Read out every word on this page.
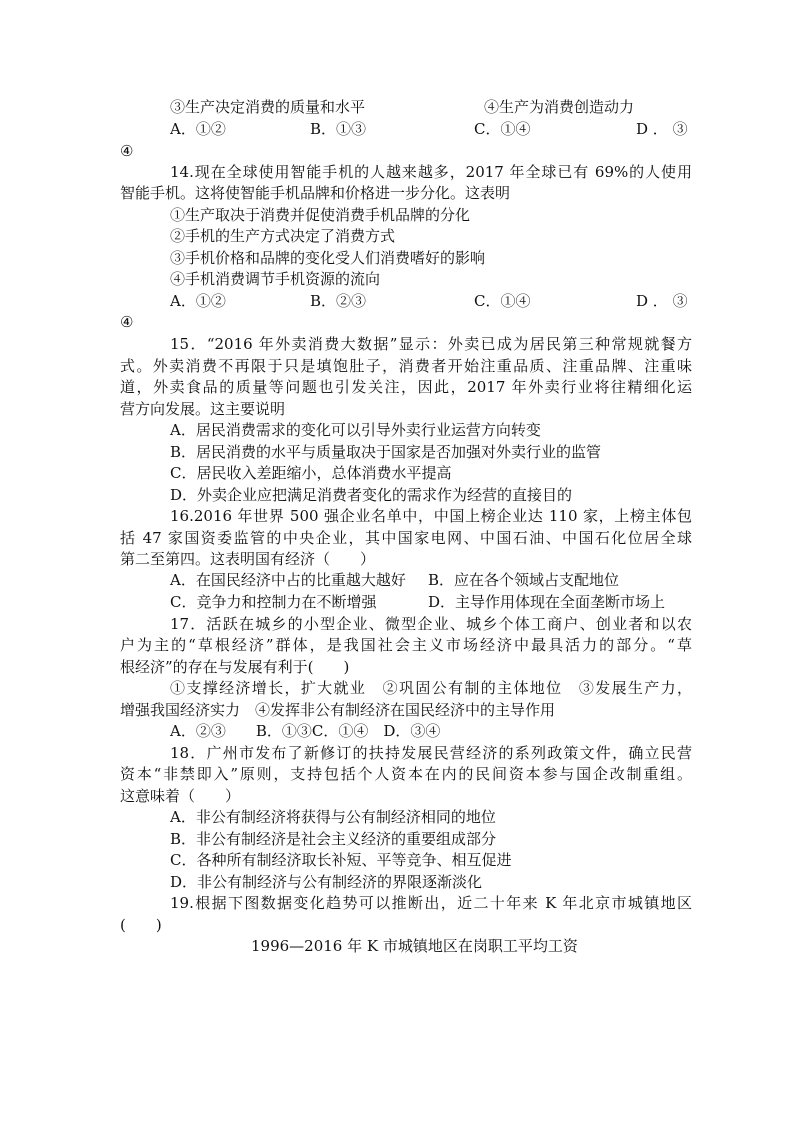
③生产决定消费的质量和水平	④生产为消费创造动力
A．①②	B．①③	C．①④	D ． ③
④
14.现在全球使用智能手机的人越来越多，2017 年全球已有 69%的人使用
智能手机。这将使智能手机品牌和价格进一步分化。这表明
①生产取决于消费并促使消费手机品牌的分化
②手机的生产方式决定了消费方式
③手机价格和品牌的变化受人们消费嗜好的影响
④手机消费调节手机资源的流向
A．①②	B．②③	C．①④	D ． ③
④
15．“2016 年外卖消费大数据”显示：外卖已成为居民第三种常规就餐方
式。外卖消费不再限于只是填饱肚子，消费者开始注重品质、注重品牌、注重味
道，外卖食品的质量等问题也引发关注，因此，2017 年外卖行业将往精细化运
营方向发展。这主要说明
A．居民消费需求的变化可以引导外卖行业运营方向转变
B．居民消费的水平与质量取决于国家是否加强对外卖行业的监管
C．居民收入差距缩小，总体消费水平提高
D．外卖企业应把满足消费者变化的需求作为经营的直接目的
16.2016 年世界 500 强企业名单中，中国上榜企业达 110 家，上榜主体包
括 47 家国资委监管的中央企业，其中国家电网、中国石油、中国石化位居全球
第二至第四。这表明国有经济（　　）
A．在国民经济中占的比重越大越好 B．应在各个领域占支配地位
C．竞争力和控制力在不断增强	D．主导作用体现在全面垄断市场上
17．活跃在城乡的小型企业、微型企业、城乡个体工商户、创业者和以农
户为主的“草根经济”群体，是我国社会主义市场经济中最具活力的部分。“草
根经济”的存在与发展有利于(　　)
①支撑经济增长，扩大就业　②巩固公有制的主体地位　③发展生产力，
增强我国经济实力　④发挥非公有制经济在国民经济中的主导作用
A．②③　　B．①③C．①④　D．③④
18．广州市发布了新修订的扶持发展民营经济的系列政策文件，确立民营
资本“非禁即入”原则，支持包括个人资本在内的民间资本参与国企改制重组。
这意味着（　　）
A．非公有制经济将获得与公有制经济相同的地位
B．非公有制经济是社会主义经济的重要组成部分
C．各种所有制经济取长补短、平等竞争、相互促进
D．非公有制经济与公有制经济的界限逐渐淡化
19.根据下图数据变化趋势可以推断出，近二十年来 K 年北京市城镇地区
(　　)
1996—2016 年 K 市城镇地区在岗职工平均工资
